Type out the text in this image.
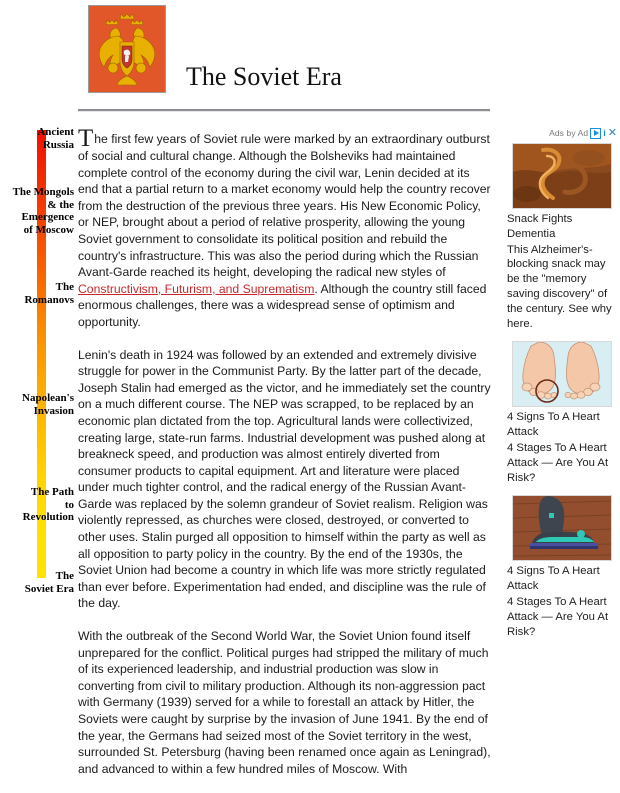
Ancient
Russia
The Mongols
& the
Emergence
of Moscow
The
Romanovs
Napolean's
Invasion
The Path
to
Revolution
The
Soviet Era
The Soviet Era

The first few years of Soviet rule were marked by an extraordinary outburst of social and cultural change. Although the Bolsheviks had maintained complete control of the economy during the civil war, Lenin decided at its end that a partial return to a market economy would help the country recover from the destruction of the previous three years. His New Economic Policy, or NEP, brought about a period of relative prosperity, allowing the young Soviet government to consolidate its political position and rebuild the country's infrastructure. This was also the period during which the Russian Avant-Garde reached its height, developing the radical new styles of Constructivism, Futurism, and Suprematism. Although the country still faced enormous challenges, there was a widespread sense of optimism and opportunity.

Lenin's death in 1924 was followed by an extended and extremely divisive struggle for power in the Communist Party. By the latter part of the decade, Joseph Stalin had emerged as the victor, and he immediately set the country on a much different course. The NEP was scrapped, to be replaced by an economic plan dictated from the top. Agricultural lands were collectivized, creating large, state-run farms. Industrial development was pushed along at breakneck speed, and production was almost entirely diverted from consumer products to capital equipment. Art and literature were placed under much tighter control, and the radical energy of the Russian Avant-Garde was replaced by the solemn grandeur of Soviet realism. Religion was violently repressed, as churches were closed, destroyed, or converted to other uses. Stalin purged all opposition to himself within the party as well as all opposition to party policy in the country. By the end of the 1930s, the Soviet Union had become a country in which life was more strictly regulated than ever before. Experimentation had ended, and discipline was the rule of the day.

With the outbreak of the Second World War, the Soviet Union found itself unprepared for the conflict. Political purges had stripped the military of much of its experienced leadership, and industrial production was slow in converting from civil to military production. Although its non-aggression pact with Germany (1939) served for a while to forestall an attack by Hitler, the Soviets were caught by surprise by the invasion of June 1941. By the end of the year, the Germans had seized most of the Soviet territory in the west, surrounded St. Petersburg (having been renamed once again as Leningrad), and advanced to within a few hundred miles of Moscow. With

Ads by Ad i ✕
Snack Fights Dementia
This Alzheimer's-blocking snack may be the "memory saving discovery" of the century. See why here.
4 Signs To A Heart Attack
4 Stages To A Heart Attack — Are You At Risk?
4 Signs To A Heart Attack
4 Stages To A Heart Attack — Are You At Risk?
